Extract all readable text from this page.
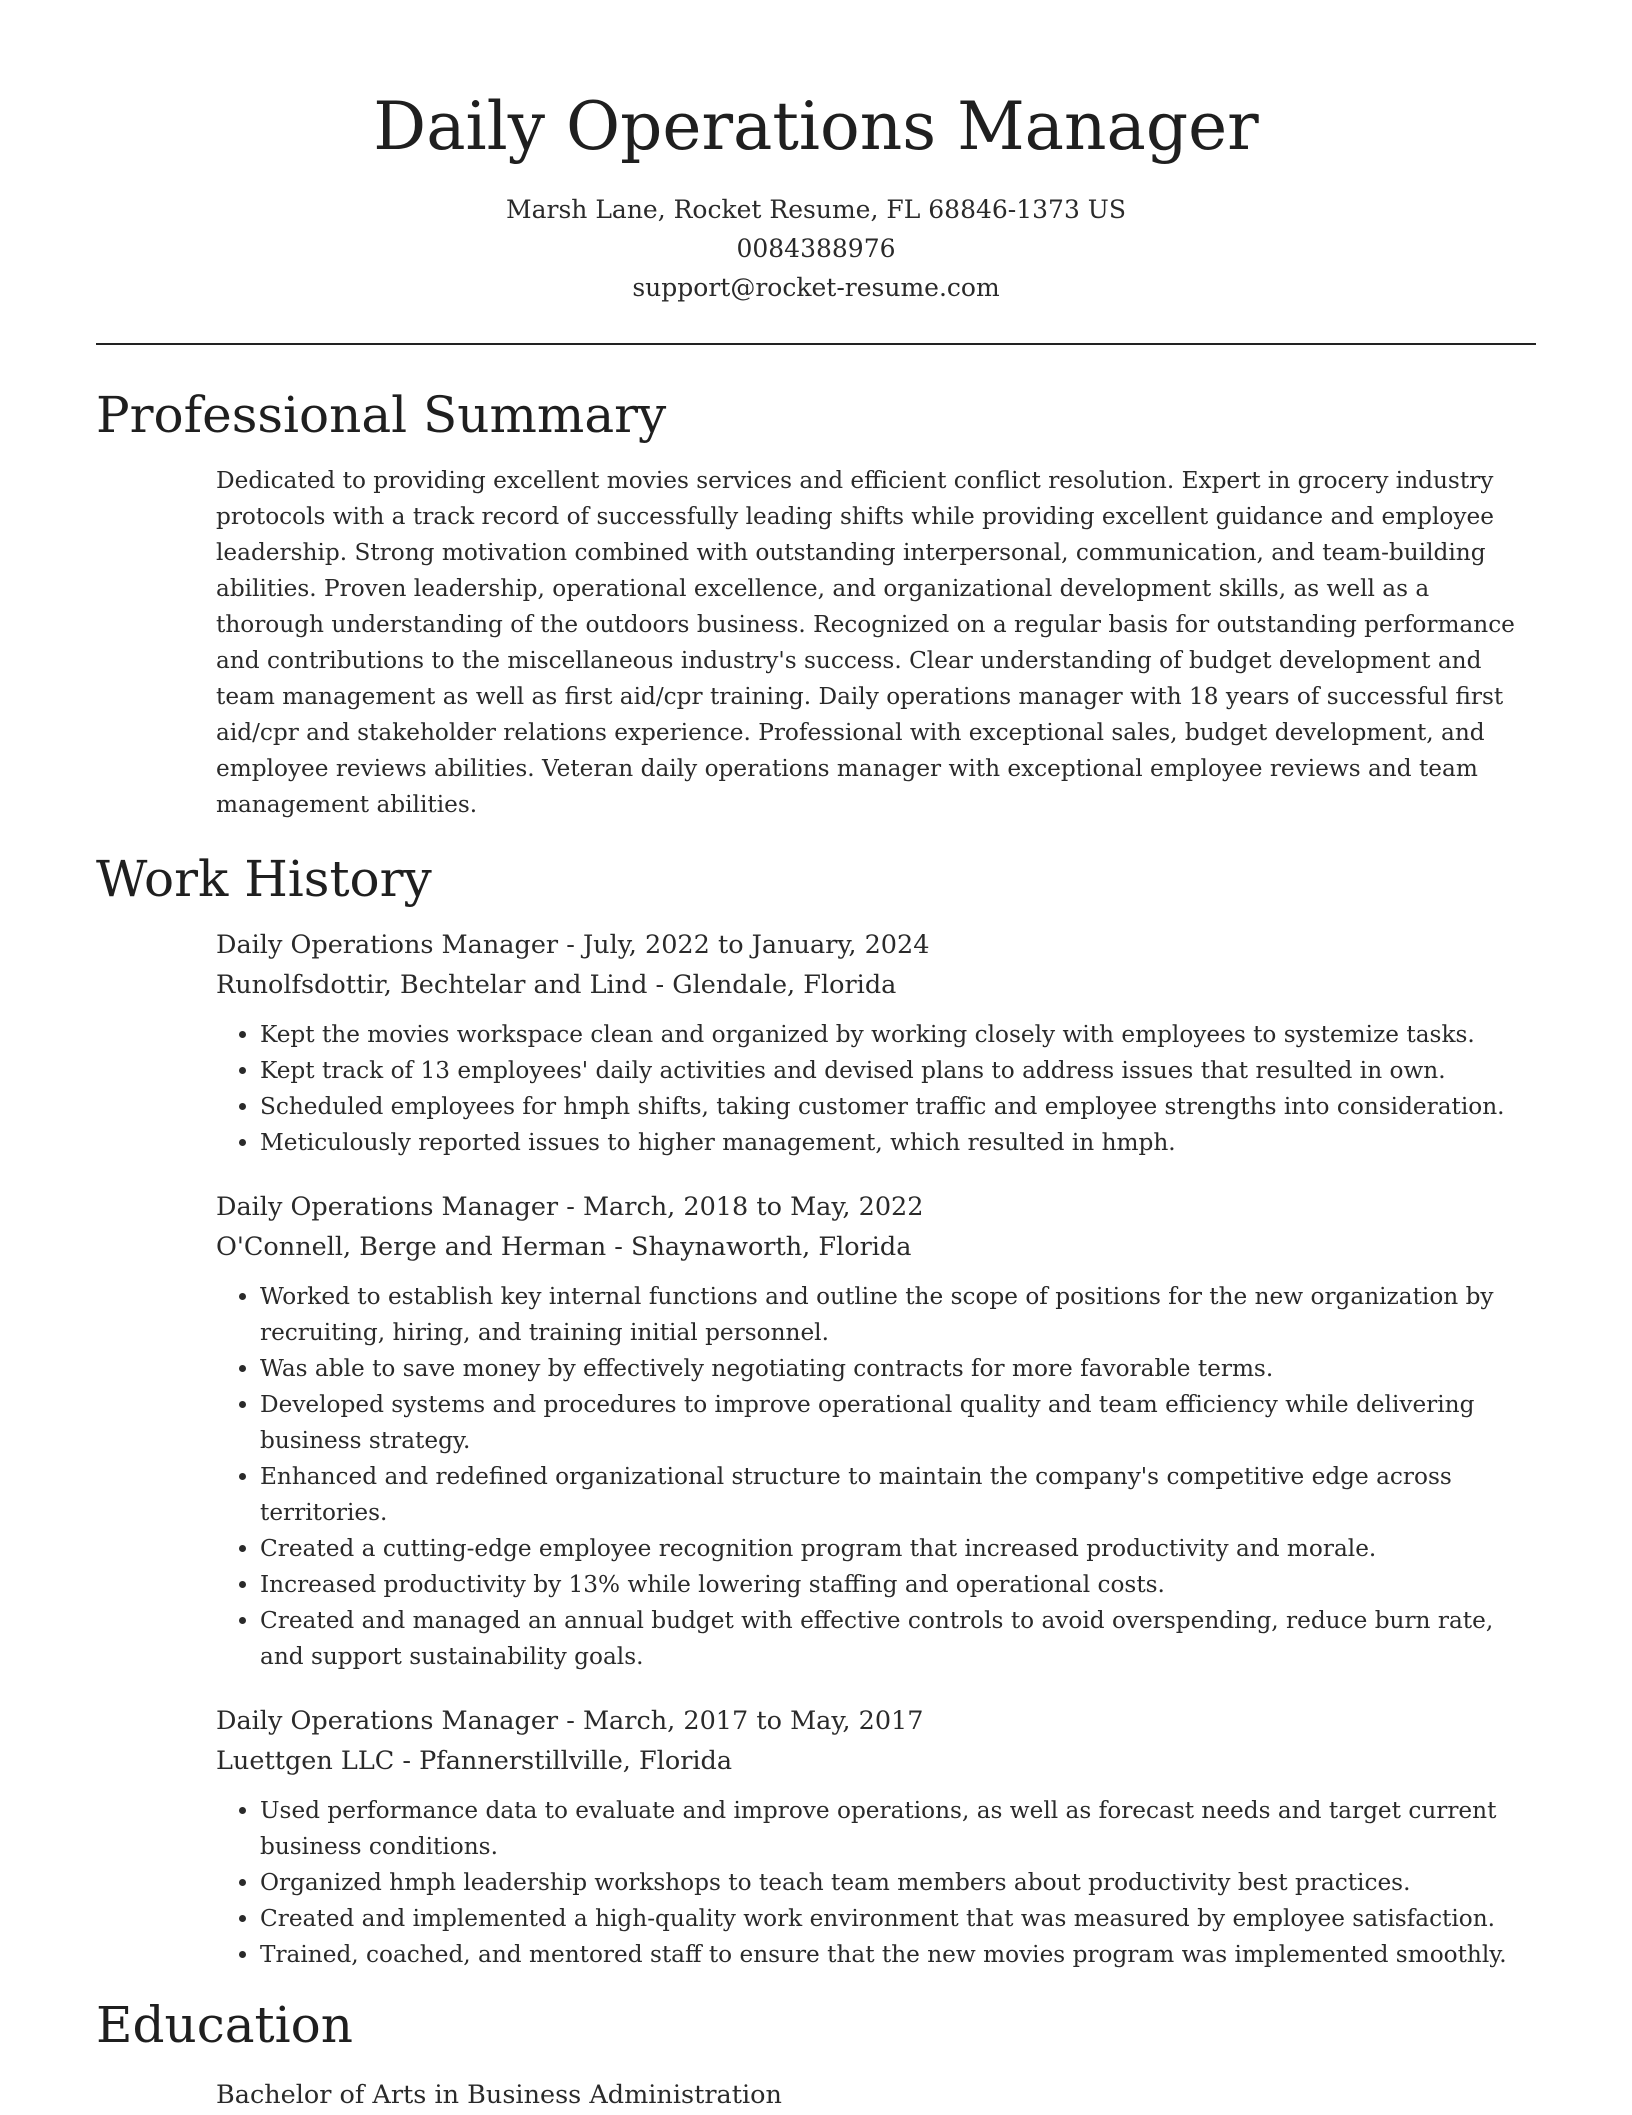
Daily Operations Manager
Marsh Lane, Rocket Resume, FL 68846-1373 US
0084388976
support@rocket-resume.com
Professional Summary

Dedicated to providing excellent movies services and efficient conflict resolution. Expert in grocery industry protocols with a track record of successfully leading shifts while providing excellent guidance and employee leadership. Strong motivation combined with outstanding interpersonal, communication, and team-building abilities. Proven leadership, operational excellence, and organizational development skills, as well as a thorough understanding of the outdoors business. Recognized on a regular basis for outstanding performance and contributions to the miscellaneous industry's success. Clear understanding of budget development and team management as well as first aid/cpr training. Daily operations manager with 18 years of successful first aid/cpr and stakeholder relations experience. Professional with exceptional sales, budget development, and employee reviews abilities. Veteran daily operations manager with exceptional employee reviews and team management abilities.

Work History
Daily Operations Manager - July, 2022 to January, 2024
Runolfsdottir, Bechtelar and Lind - Glendale, Florida
• Kept the movies workspace clean and organized by working closely with employees to systemize tasks.
• Kept track of 13 employees' daily activities and devised plans to address issues that resulted in own.
• Scheduled employees for hmph shifts, taking customer traffic and employee strengths into consideration.
• Meticulously reported issues to higher management, which resulted in hmph.
Daily Operations Manager - March, 2018 to May, 2022
O'Connell, Berge and Herman - Shaynaworth, Florida
• Worked to establish key internal functions and outline the scope of positions for the new organization by recruiting, hiring, and training initial personnel.
• Was able to save money by effectively negotiating contracts for more favorable terms.
• Developed systems and procedures to improve operational quality and team efficiency while delivering business strategy.
• Enhanced and redefined organizational structure to maintain the company's competitive edge across territories.
• Created a cutting-edge employee recognition program that increased productivity and morale.
• Increased productivity by 13% while lowering staffing and operational costs.
• Created and managed an annual budget with effective controls to avoid overspending, reduce burn rate, and support sustainability goals.
Daily Operations Manager - March, 2017 to May, 2017
Luettgen LLC - Pfannerstillville, Florida
• Used performance data to evaluate and improve operations, as well as forecast needs and target current business conditions.
• Organized hmph leadership workshops to teach team members about productivity best practices.
• Created and implemented a high-quality work environment that was measured by employee satisfaction.
• Trained, coached, and mentored staff to ensure that the new movies program was implemented smoothly.
Education
Bachelor of Arts in Business Administration
